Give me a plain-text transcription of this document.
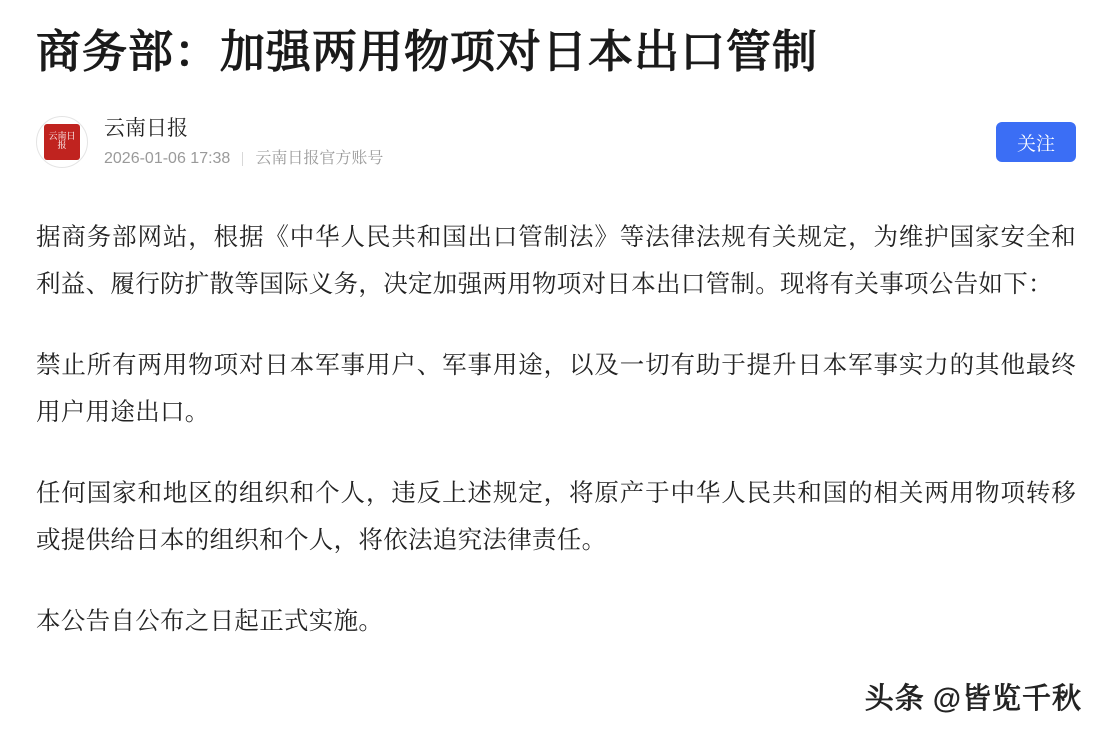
商务部：加强两用物项对日本出口管制
云南日报
云南日报
2026-01-06 17:38 云南日报官方账号
关注

据商务部网站，根据《中华人民共和国出口管制法》等法律法规有关规定，为维护国家安全和利益、履行防扩散等国际义务，决定加强两用物项对日本出口管制。现将有关事项公告如下：

禁止所有两用物项对日本军事用户、军事用途，以及一切有助于提升日本军事实力的其他最终用户用途出口。

任何国家和地区的组织和个人，违反上述规定，将原产于中华人民共和国的相关两用物项转移或提供给日本的组织和个人，将依法追究法律责任。

本公告自公布之日起正式实施。

头条 @皆览千秋
